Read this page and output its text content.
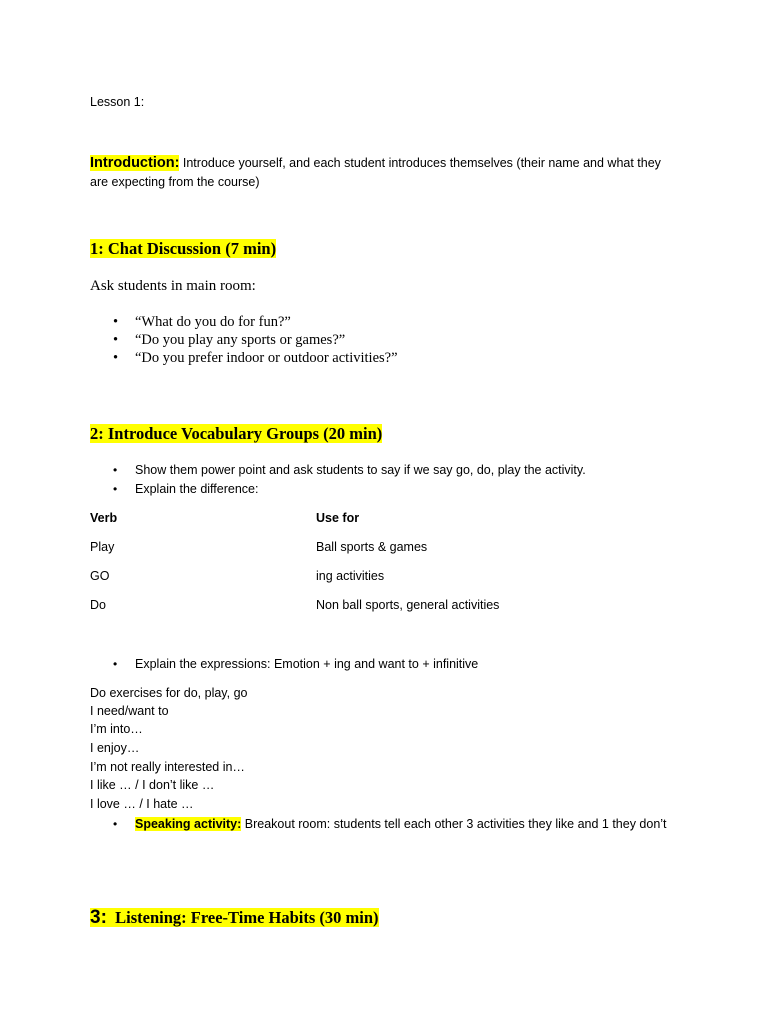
Lesson 1:
Introduction: Introduce yourself, and each student introduces themselves (their name and what they
are expecting from the course)
1: Chat Discussion (7 min)
Ask students in main room:
• “What do you do for fun?”
• “Do you play any sports or games?”
• “Do you prefer indoor or outdoor activities?”
2: Introduce Vocabulary Groups (20 min)
• Show them power point and ask students to say if we say go, do, play the activity.
• Explain the difference:
Verb	Use for
Play	Ball sports & games
GO	ing activities
Do	Non ball sports, general activities
• Explain the expressions: Emotion + ing and want to + infinitive
Do exercises for do, play, go
I need/want to
I’m into…
I enjoy…
I’m not really interested in…
I like … / I don’t like …
I love … / I hate …
• Speaking activity: Breakout room: students tell each other 3 activities they like and 1 they don’t
3:  Listening: Free-Time Habits (30 min)
